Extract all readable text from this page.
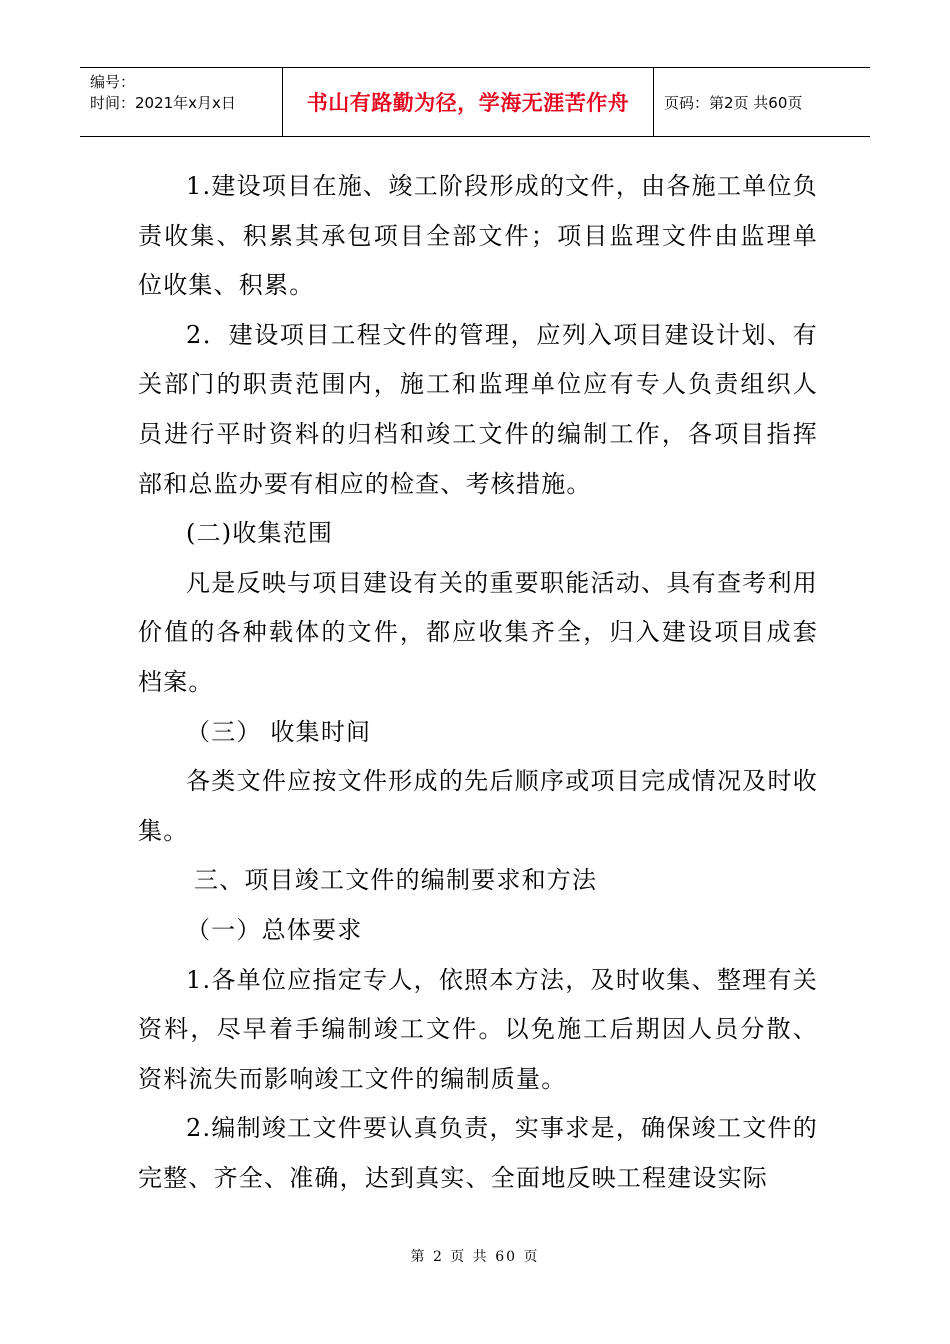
编号：
时间：2021年x月x日	书山有路勤为径，学海无涯苦作舟 页码：第2页 共60页

1.建设项目在施、竣工阶段形成的文件，由各施工单位负责收集、积累其承包项目全部文件；项目监理文件由监理单位收集、积累。

2．建设项目工程文件的管理，应列入项目建设计划、有关部门的职责范围内，施工和监理单位应有专人负责组织人员进行平时资料的归档和竣工文件的编制工作，各项目指挥部和总监办要有相应的检查、考核措施。

(二)收集范围

凡是反映与项目建设有关的重要职能活动、具有查考利用价值的各种载体的文件，都应收集齐全，归入建设项目成套档案。

（三） 收集时间

各类文件应按文件形成的先后顺序或项目完成情况及时收集。

三、项目竣工文件的编制要求和方法

（一）总体要求

1.各单位应指定专人，依照本方法，及时收集、整理有关资料，尽早着手编制竣工文件。以免施工后期因人员分散、资料流失而影响竣工文件的编制质量。

2.编制竣工文件要认真负责，实事求是，确保竣工文件的完整、齐全、准确，达到真实、全面地反映工程建设实际

第 2 页 共 60 页
